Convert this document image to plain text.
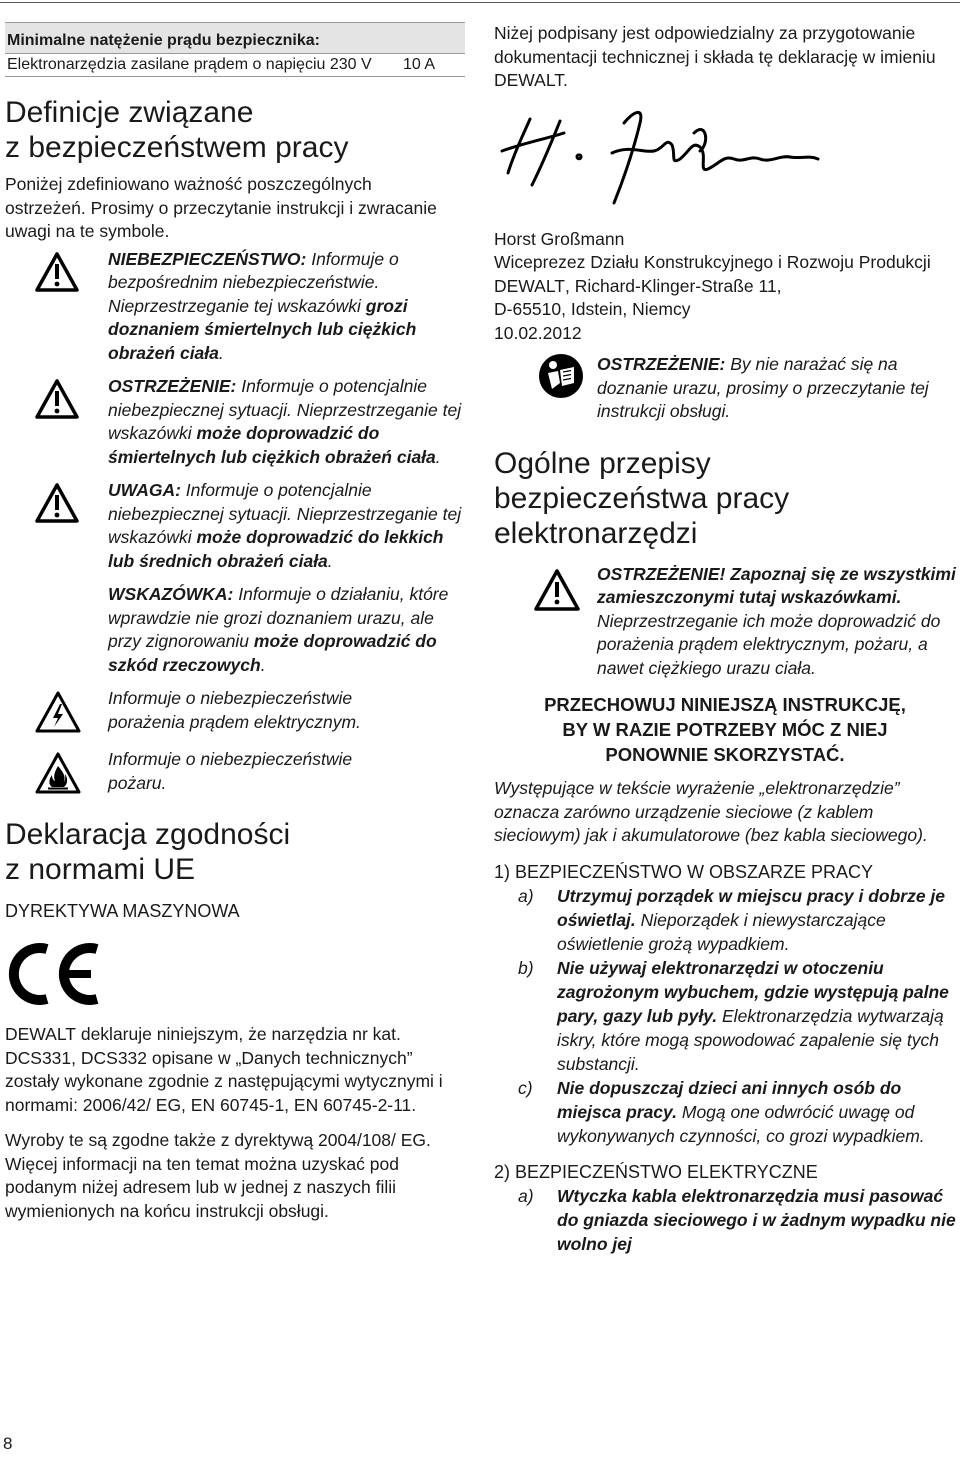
Minimalne natężenie prądu bezpiecznika:
Elektronarzędzia zasilane prądem o napięciu 230 V 10 A
Definicje związane
z bezpieczeństwem pracy

Poniżej zdefiniowano ważność poszczególnych ostrzeżeń. Prosimy o przeczytanie instrukcji i zwracanie uwagi na te symbole.

NIEBEZPIECZEŃSTWO: Informuje o bezpośrednim niebezpieczeństwie. Nieprzestrzeganie tej wskazówki grozi doznaniem śmiertelnych lub ciężkich obrażeń ciała.

OSTRZEŻENIE: Informuje o potencjalnie niebezpiecznej sytuacji. Nieprzestrzeganie tej wskazówki może doprowadzić do śmiertelnych lub ciężkich obrażeń ciała.

UWAGA: Informuje o potencjalnie niebezpiecznej sytuacji. Nieprzestrzeganie tej wskazówki może doprowadzić do lekkich lub średnich obrażeń ciała.

WSKAZÓWKA: Informuje o działaniu, które wprawdzie nie grozi doznaniem urazu, ale przy zignorowaniu może doprowadzić do szkód rzeczowych.

Informuje o niebezpieczeństwie porażenia prądem elektrycznym.

Informuje o niebezpieczeństwie pożaru.

Deklaracja zgodności
z normami UE
DYREKTYWA MASZYNOWA

DEWALT deklaruje niniejszym, że narzędzia nr kat. DCS331, DCS332 opisane w „Danych technicznych” zostały wykonane zgodnie z następującymi wytycznymi i normami: 2006/42/ EG, EN 60745-1, EN 60745-2-11.

Wyroby te są zgodne także z dyrektywą 2004/108/ EG. Więcej informacji na ten temat można uzyskać pod podanym niżej adresem lub w jednej z naszych filii wymienionych na końcu instrukcji obsługi.

Niżej podpisany jest odpowiedzialny za przygotowanie dokumentacji technicznej i składa tę deklarację w imieniu DEWALT.

Horst Großmann

Wiceprezez Działu Konstrukcyjnego i Rozwoju Produkcji

DEWALT, Richard-Klinger-Straße 11,

D-65510, Idstein, Niemcy

10.02.2012

OSTRZEŻENIE: By nie narażać się na doznanie urazu, prosimy o przeczytanie tej instrukcji obsługi.

Ogólne przepisy
bezpieczeństwa pracy
elektronarzędzi

OSTRZEŻENIE! Zapoznaj się ze wszystkimi zamieszczonymi tutaj wskazówkami. Nieprzestrzeganie ich może doprowadzić do porażenia prądem elektrycznym, pożaru, a nawet ciężkiego urazu ciała.

PRZECHOWUJ NINIEJSZĄ INSTRUKCJĘ,
BY W RAZIE POTRZEBY MÓC Z NIEJ
PONOWNIE SKORZYSTAĆ.

Występujące w tekście wyrażenie „elektronarzędzie” oznacza zarówno urządzenie sieciowe (z kablem sieciowym) jak i akumulatorowe (bez kabla sieciowego).

1) BEZPIECZEŃSTWO W OBSZARZE PRACY
a) Utrzymuj porządek w miejscu pracy i dobrze je oświetlaj. Nieporządek i niewystarczające oświetlenie grożą wypadkiem.
b) Nie używaj elektronarzędzi w otoczeniu zagrożonym wybuchem, gdzie występują palne pary, gazy lub pyły. Elektronarzędzia wytwarzają iskry, które mogą spowodować zapalenie się tych substancji.
c) Nie dopuszczaj dzieci ani innych osób do miejsca pracy. Mogą one odwrócić uwagę od wykonywanych czynności, co grozi wypadkiem.
2) BEZPIECZEŃSTWO ELEKTRYCZNE
a) Wtyczka kabla elektronarzędzia musi pasować do gniazda sieciowego i w żadnym wypadku nie wolno jej
8
